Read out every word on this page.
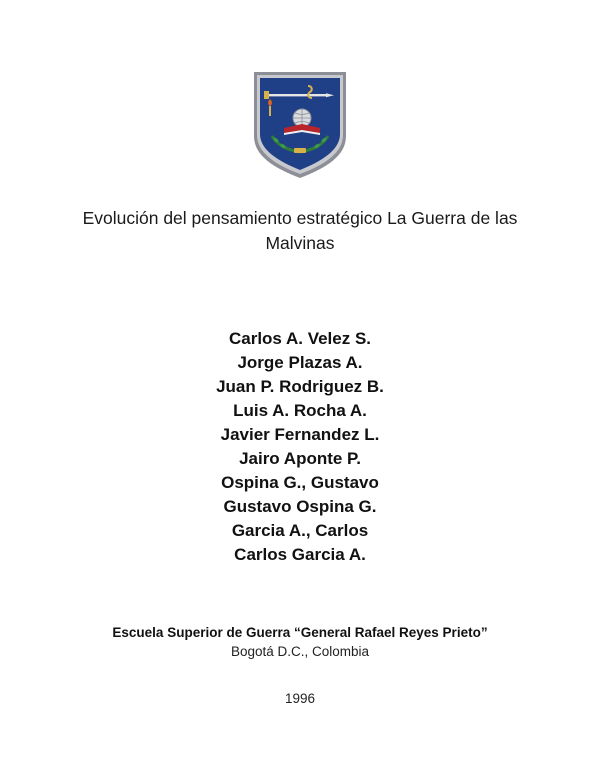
Evolución del pensamiento estratégico La Guerra de las Malvinas
Carlos A. Velez S.
Jorge Plazas A.
Juan P. Rodriguez B.
Luis A. Rocha A.
Javier Fernandez L.
Jairo Aponte P.
Ospina G., Gustavo
Gustavo Ospina G.
Garcia A., Carlos
Carlos Garcia A.
Escuela Superior de Guerra “General Rafael Reyes Prieto”
Bogotá D.C., Colombia
1996
